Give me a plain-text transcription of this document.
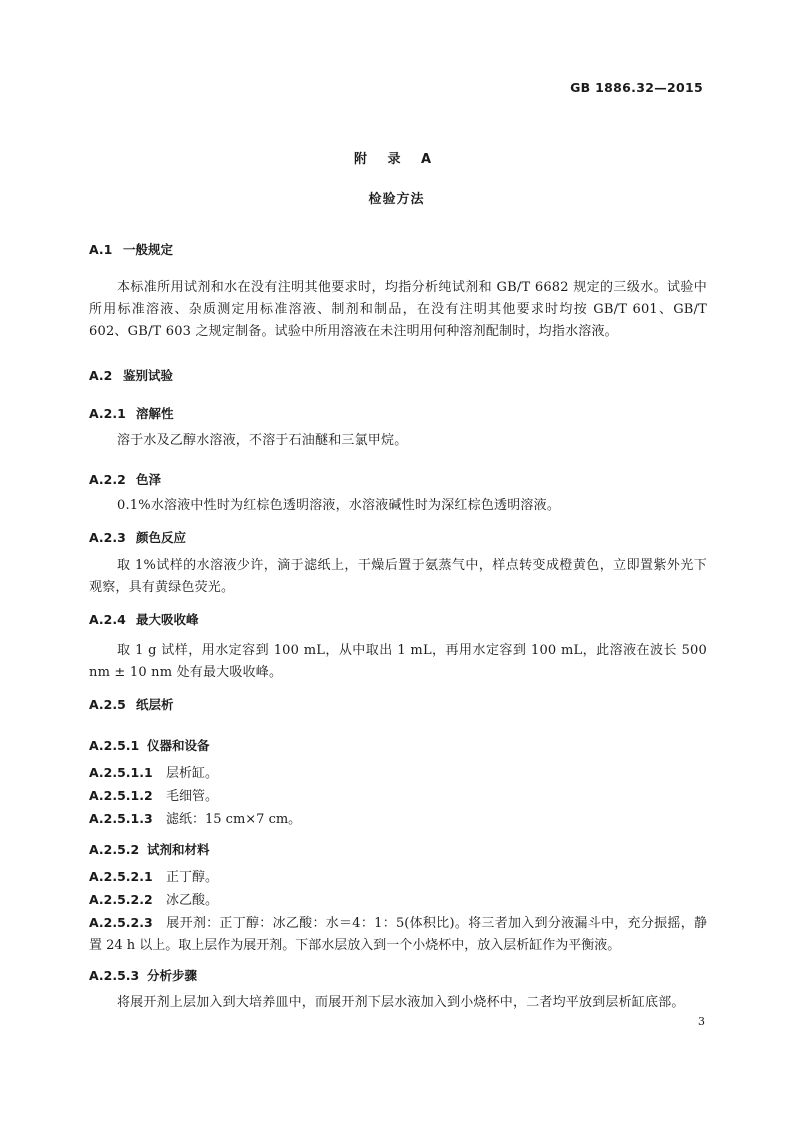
GB 1886.32—2015
附 录 A
检验方法
A.1 一般规定
本标准所用试剂和水在没有注明其他要求时，均指分析纯试剂和 GB/T 6682 规定的三级水。试验中所用标准溶液、杂质测定用标准溶液、制剂和制品，在没有注明其他要求时均按 GB/T 601、GB/T 602、GB/T 603 之规定制备。试验中所用溶液在未注明用何种溶剂配制时，均指水溶液。
A.2 鉴别试验
A.2.1 溶解性
溶于水及乙醇水溶液，不溶于石油醚和三氯甲烷。
A.2.2 色泽
0.1%水溶液中性时为红棕色透明溶液，水溶液碱性时为深红棕色透明溶液。
A.2.3 颜色反应
取 1%试样的水溶液少许，滴于滤纸上，干燥后置于氨蒸气中，样点转变成橙黄色，立即置紫外光下观察，具有黄绿色荧光。
A.2.4 最大吸收峰
取 1 g 试样，用水定容到 100 mL，从中取出 1 mL，再用水定容到 100 mL，此溶液在波长 500 nm ± 10 nm 处有最大吸收峰。
A.2.5 纸层析
A.2.5.1 仪器和设备
A.2.5.1.1 层析缸。
A.2.5.1.2 毛细管。
A.2.5.1.3 滤纸：15 cm×7 cm。
A.2.5.2 试剂和材料
A.2.5.2.1 正丁醇。
A.2.5.2.2 冰乙酸。
A.2.5.2.3 展开剂：正丁醇：冰乙酸：水＝4：1：5(体积比)。将三者加入到分液漏斗中，充分振摇，静置 24 h 以上。取上层作为展开剂。下部水层放入到一个小烧杯中，放入层析缸作为平衡液。
A.2.5.3 分析步骤
将展开剂上层加入到大培养皿中，而展开剂下层水液加入到小烧杯中，二者均平放到层析缸底部。
3
